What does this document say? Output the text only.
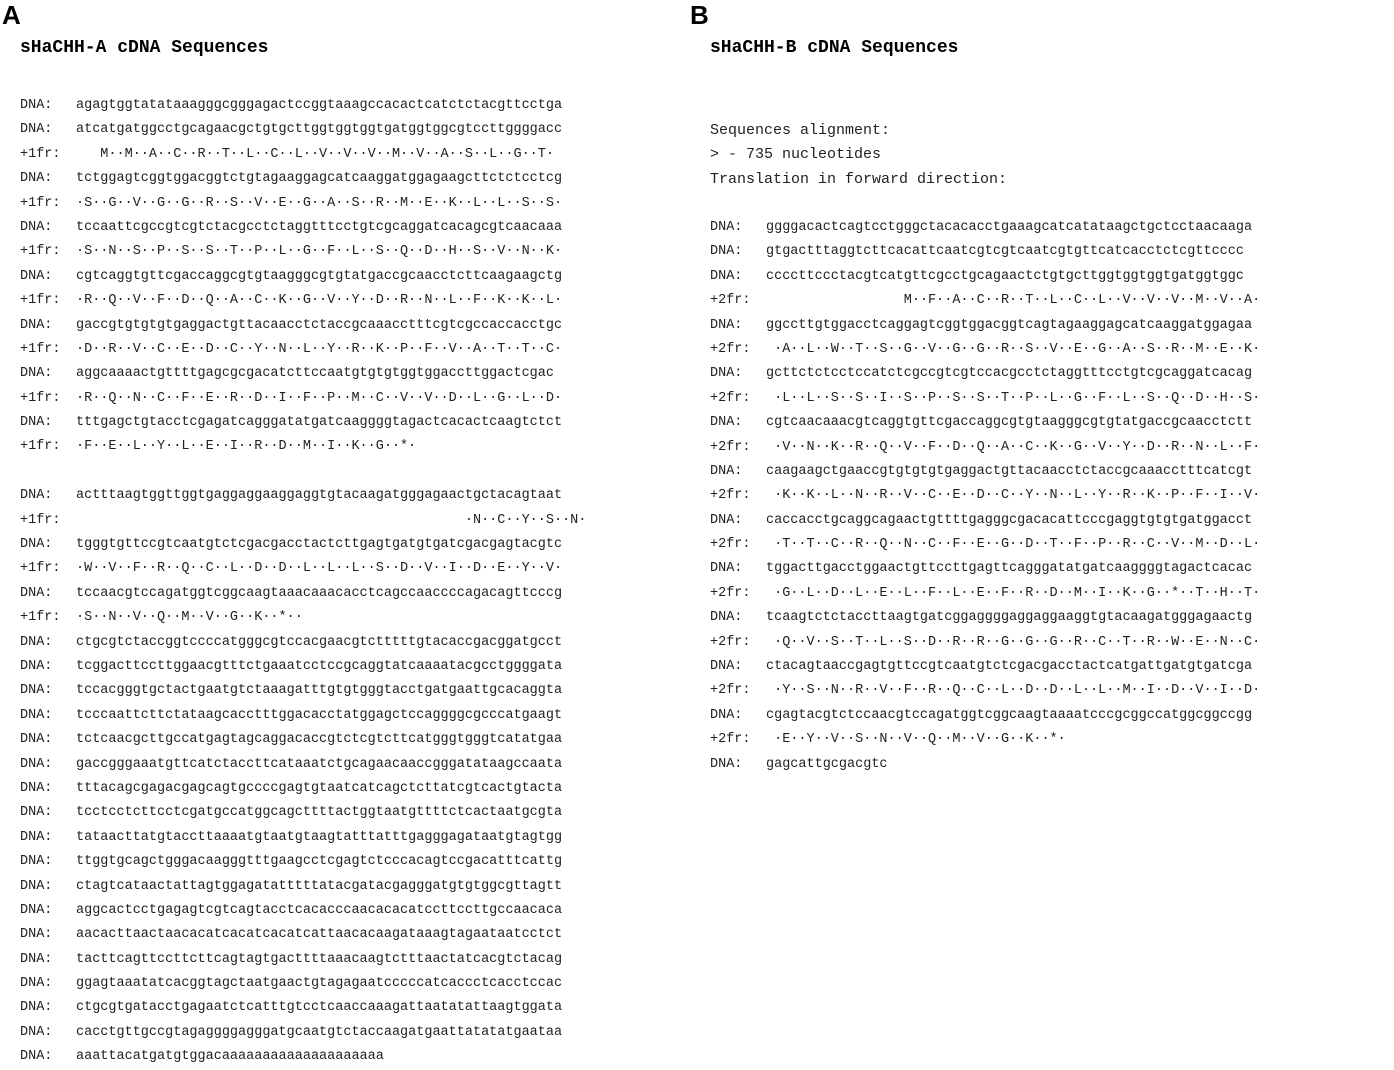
A
sHaCHH-A cDNA Sequences
DNA: agagtggtatataaagggcgggagactccggtaaagccacactcatctctacgttcctga
DNA: atcatgatggcctgcagaacgctgtgcttggtggtggtgatggtggcgtccttggggacc
+1fr:   M··M··A··C··R··T··L··C··L··V··V··V··M··V··A··S··L··G··T·
DNA: tctggagtcggtggacggtctgtagaaggagcatcaaggatggagaagcttctctcctcg
+1fr: ·S··G··V··G··G··R··S··V··E··G··A··S··R··M··E··K··L··L··S··S·
DNA: tccaattcgccgtcgtctacgcctctaggtttcctgtcgcaggatcacagcgtcaacaaa
+1fr: ·S··N··S··P··S··S··T··P··L··G··F··L··S··Q··D··H··S··V··N··K·
DNA: cgtcaggtgttcgaccaggcgtgtaagggcgtgtatgaccgcaacctcttcaagaagctg
+1fr: ·R··Q··V··F··D··Q··A··C··K··G··V··Y··D··R··N··L··F··K··K··L·
DNA: gaccgtgtgtgtgaggactgttacaacctctaccgcaaacctttcgtcgccaccacctgc
+1fr: ·D··R··V··C··E··D··C··Y··N··L··Y··R··K··P··F··V··A··T··T··C·
DNA: aggcaaaactgttttgagcgcgacatcttccaatgtgtgtggtggaccttggactcgac
+1fr: ·R··Q··N··C··F··E··R··D··I··F··P··M··C··V··V··D··L··G··L··D·
DNA: tttgagctgtacctcgagatcagggatatgatcaaggggtagactcacactcaagtctct
+1fr: ·F··E··L··Y··L··E··I··R··D··M··I··K··G··*·
DNA: actttaagtggttggtgaggaggaaggaggtgtacaagatgggagaactgctacagtaat
+1fr:                                                ·N··C··Y··S··N·
DNA: tgggtgttccgtcaatgtctcgacgacctactcttgagtgatgtgatcgacgagtacgtc
+1fr: ·W··V··F··R··Q··C··L··D··D··L··L··L··S··D··V··I··D··E··Y··V·
DNA: tccaacgtccagatggtcggcaagtaaacaaacacctcagccaaccccagacagttcccg
+1fr: ·S··N··V··Q··M··V··G··K··*··
DNA: ctgcgtctaccggtccccatgggcgtccacgaacgtctttttgtacaccgacggatgcct
DNA: tcggacttccttggaacgtttctgaaatcctccgcaggtatcaaaatacgcctggggata
DNA: tccacgggtgctactgaatgtctaaagatttgtgtgggtacctgatgaattgcacaggta
DNA: tcccaattcttctataagcacctttggacacctatggagctccaggggcgcccatgaagt
DNA: tctcaacgcttgccatgagtagcaggacaccgtctcgtcttcatgggtgggtcatatgaa
DNA: gaccgggaaatgttcatctaccttcataaatctgcagaacaaccgggatataagccaata
DNA: tttacagcgagacgagcagtgccccgagtgtaatcatcagctcttatcgtcactgtacta
DNA: tcctcctcttcctcgatgccatggcagcttttactggtaatgttttctcactaatgcgta
DNA: tataacttatgtaccttaaaatgtaatgtaagtatttatttgagggagataatgtagtgg
DNA: ttggtgcagctgggacaagggtttgaagcctcgagtctcccacagtccgacatttcattg
DNA: ctagtcataactattagtggagatatttttatacgatacgagggatgtgtggcgttagtt
DNA: aggcactcctgagagtcgtcagtacctcacacccaacacacatccttccttgccaacaca
DNA: aacacttaactaacacatcacatcacatcattaacacaagataaagtagaataatcctct
DNA: tacttcagttccttcttcagtagtgacttttaaacaagtctttaactatcacgtctacag
DNA: ggagtaaatatcacggtagctaatgaactgtagagaatcccccatcaccctcacctccac
DNA: ctgcgtgatacctgagaatctcatttgtcctcaaccaaagattaatatattaagtggata
DNA: cacctgttgccgtagaggggagggatgcaatgtctaccaagatgaattatatatgaataa
DNA: aaattacatgatgtggacaaaaaaaaaaaaaaaaaaaa
B
sHaCHH-B cDNA Sequences
Sequences alignment:
> - 735 nucleotides
Translation in forward direction:
DNA: ggggacactcagtcctgggctacacacctgaaagcatcatataagctgctcctaacaaga
DNA: gtgactttaggtcttcacattcaatcgtcgtcaatcgtgttcatcacctctcgttcccc
DNA: ccccttccctacgtcatgttcgcctgcagaactctgtgcttggtggtggtgatggtggc
+2fr:                 M··F··A··C··R··T··L··C··L··V··V··V··M··V··A·
DNA: ggccttgtggacctcaggagtcggtggacggtcagtagaaggagcatcaaggatggagaa
+2fr: ·A··L··W··T··S··G··V··G··G··R··S··V··E··G··A··S··R··M··E··K·
DNA: gcttctctcctccatctcgccgtcgtccacgcctctaggtttcctgtcgcaggatcacag
+2fr: ·L··L··S··S··I··S··P··S··S··T··P··L··G··F··L··S··Q··D··H··S·
DNA: cgtcaacaaacgtcaggtgttcgaccaggcgtgtaagggcgtgtatgaccgcaacctctt
+2fr: ·V··N··K··R··Q··V··F··D··Q··A··C··K··G··V··Y··D··R··N··L··F·
DNA: caagaagctgaaccgtgtgtgtgaggactgttacaacctctaccgcaaacctttcatcgt
+2fr: ·K··K··L··N··R··V··C··E··D··C··Y··N··L··Y··R··K··P··F··I··V·
DNA: caccacctgcaggcagaactgttttgagggcgacacattcccgaggtgtgtgatggacct
+2fr: ·T··T··C··R··Q··N··C··F··E··G··D··T··F··P··R··C··V··M··D··L·
DNA: tggacttgacctggaactgttccttgagttcagggatatgatcaaggggtagactcacac
+2fr: ·G··L··D··L··E··L··F··L··E··F··R··D··M··I··K··G··*··T··H··T·
DNA: tcaagtctctaccttaagtgatcggaggggaggaggaaggtgtacaagatgggagaactg
+2fr: ·Q··V··S··T··L··S··D··R··R··G··G··G··R··C··T··R··W··E··N··C·
DNA: ctacagtaaccgagtgttccgtcaatgtctcgacgacctactcatgattgatgtgatcga
+2fr: ·Y··S··N··R··V··F··R··Q··C··L··D··D··L··L··M··I··D··V··I··D·
DNA: cgagtacgtctccaacgtccagatggtcggcaagtaaaatcccgcggccatggcggccgg
+2fr: ·E··Y··V··S··N··V··Q··M··V··G··K··*·
DNA: gagcattgcgacgtc
